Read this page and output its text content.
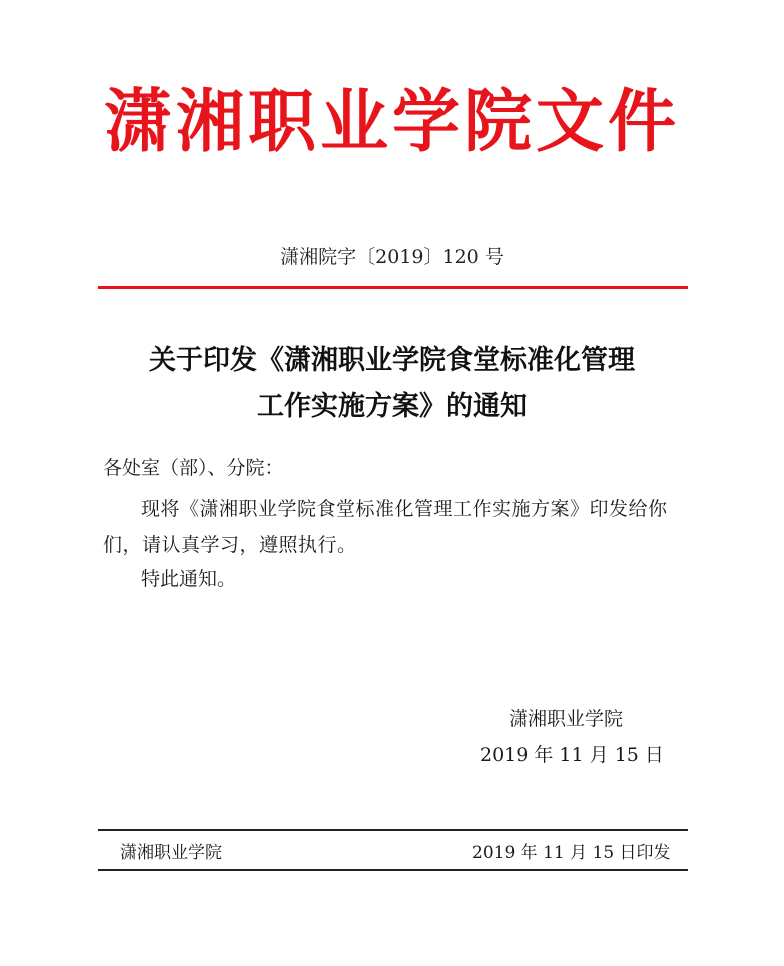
潇湘职业学院文件
潇湘院字〔2019〕120 号
关于印发《潇湘职业学院食堂标准化管理
工作实施方案》的通知
各处室（部）、分院：
现将《潇湘职业学院食堂标准化管理工作实施方案》印发给你们，请认真学习，遵照执行。
特此通知。
潇湘职业学院
2019 年 11 月 15 日
潇湘职业学院	2019 年 11 月 15 日印发
